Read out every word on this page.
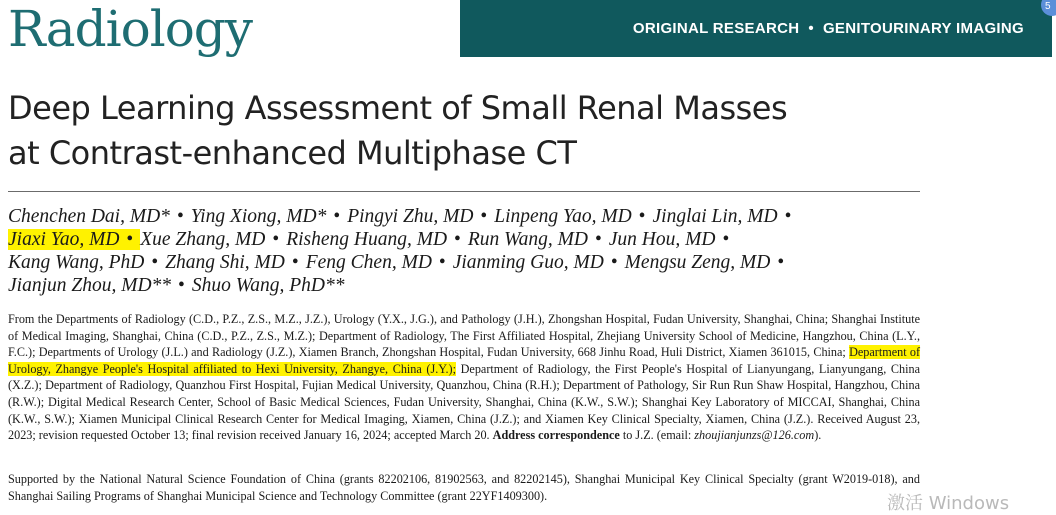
Radiology	ORIGINAL RESEARCH • GENITOURINARY IMAGING
5
Deep Learning Assessment of Small Renal Masses
at Contrast-enhanced Multiphase CT
Chenchen Dai, MD* • Ying Xiong, MD* • Pingyi Zhu, MD • Linpeng Yao, MD • Jinglai Lin, MD •
Jiaxi Yao, MD • Xue Zhang, MD • Risheng Huang, MD • Run Wang, MD • Jun Hou, MD •
Kang Wang, PhD • Zhang Shi, MD • Feng Chen, MD • Jianming Guo, MD • Mengsu Zeng, MD •
Jianjun Zhou, MD** • Shuo Wang, PhD**
From the Departments of Radiology (C.D., P.Z., Z.S., M.Z., J.Z.), Urology (Y.X., J.G.), and Pathology (J.H.), Zhongshan Hospital, Fudan University, Shanghai, China; Shanghai Institute of Medical Imaging, Shanghai, China (C.D., P.Z., Z.S., M.Z.); Department of Radiology, The First Affiliated Hospital, Zhejiang University School of Medicine, Hangzhou, China (L.Y., F.C.); Departments of Urology (J.L.) and Radiology (J.Z.), Xiamen Branch, Zhongshan Hospital, Fudan University, 668 Jinhu Road, Huli District, Xiamen 361015, China; Department of Urology, Zhangye People's Hospital affiliated to Hexi University, Zhangye, China (J.Y.); Department of Radiology, the First People's Hospital of Lianyungang, Lianyungang, China (X.Z.); Department of Radiology, Quanzhou First Hospital, Fujian Medical University, Quanzhou, China (R.H.); Department of Pathology, Sir Run Run Shaw Hospital, Hangzhou, China (R.W.); Digital Medical Research Center, School of Basic Medical Sciences, Fudan University, Shanghai, China (K.W., S.W.); Shanghai Key Laboratory of MICCAI, Shanghai, China (K.W., S.W.); Xiamen Municipal Clinical Research Center for Medical Imaging, Xiamen, China (J.Z.); and Xiamen Key Clinical Specialty, Xiamen, China (J.Z.). Received August 23, 2023; revision requested October 13; final revision received January 16, 2024; accepted March 20. Address correspondence to J.Z. (email: zhoujianjunzs@126.com).
Supported by the National Natural Science Foundation of China (grants 82202106, 81902563, and 82202145), Shanghai Municipal Key Clinical Specialty (grant W2019-018), and Shanghai Sailing Programs of Shanghai Municipal Science and Technology Committee (grant 22YF1409300).	激活 Windows
